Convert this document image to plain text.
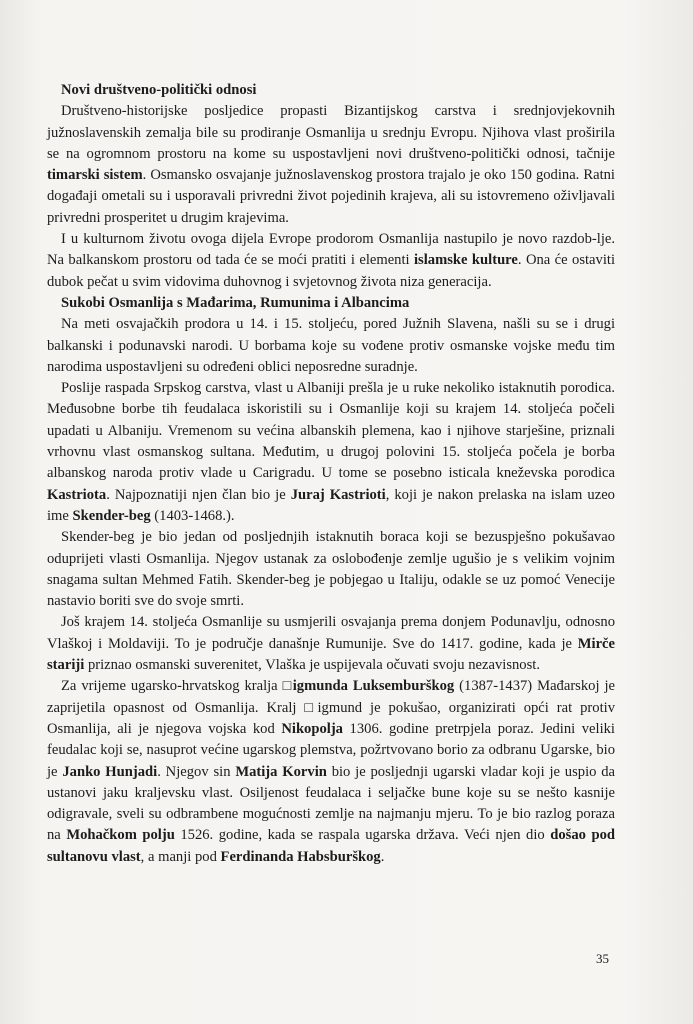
Novi društveno-politički odnosi

Društveno-historijske posljedice propasti Bizantijskog carstva i srednjovjekovnih južnoslavenskih zemalja bile su prodiranje Osmanlija u srednju Evropu. Njihova vlast proširila se na ogromnom prostoru na kome su uspostavljeni novi društveno-politički odnosi, tačnije timarski sistem. Osmansko osvajanje južnoslavenskog prostora trajalo je oko 150 godina. Ratni događaji ometali su i usporavali privredni život pojedinih krajeva, ali su istovremeno oživljavali privredni prosperitet u drugim krajevima.

I u kulturnom životu ovoga dijela Evrope prodorom Osmanlija nastupilo je novo razdob-lje. Na balkanskom prostoru od tada će se moći pratiti i elementi islamske kulture. Ona će ostaviti dubok pečat u svim vidovima duhovnog i svjetovnog života niza generacija.

Sukobi Osmanlija s Mađarima, Rumunima i Albancima

Na meti osvajačkih prodora u 14. i 15. stoljeću, pored Južnih Slavena, našli su se i drugi balkanski i podunavski narodi. U borbama koje su vođene protiv osmanske vojske među tim narodima uspostavljeni su određeni oblici neposredne suradnje.

Poslije raspada Srpskog carstva, vlast u Albaniji prešla je u ruke nekoliko istaknutih porodica. Međusobne borbe tih feudalaca iskoristili su i Osmanlije koji su krajem 14. stoljeća počeli upadati u Albaniju. Vremenom su većina albanskih plemena, kao i njihove starješine, priznali vrhovnu vlast osmanskog sultana. Međutim, u drugoj polovini 15. stoljeća počela je borba albanskog naroda protiv vlade u Carigradu. U tome se posebno isticala kneževska porodica Kastriota. Najpoznatiji njen član bio je Juraj Kastrioti, koji je nakon prelaska na islam uzeo ime Skender-beg (1403-1468.).

Skender-beg je bio jedan od posljednjih istaknutih boraca koji se bezuspješno pokušavao oduprijeti vlasti Osmanlija. Njegov ustanak za oslobođenje zemlje ugušio je s velikim vojnim snagama sultan Mehmed Fatih. Skender-beg je pobjegao u Italiju, odakle se uz pomoć Venecije nastavio boriti sve do svoje smrti.

Još krajem 14. stoljeća Osmanlije su usmjerili osvajanja prema donjem Podunavlju, odnosno Vlaškoj i Moldaviji. To je područje današnje Rumunije. Sve do 1417. godine, kada je Mirče stariji priznao osmanski suverenitet, Vlaška je uspijevala očuvati svoju nezavisnost.

Za vrijeme ugarsko-hrvatskog kralja □igmunda Luksemburškog (1387-1437) Mađarskoj je zaprijetila opasnost od Osmanlija. Kralj □igmund je pokušao, organizirati opći rat protiv Osmanlija, ali je njegova vojska kod Nikopolja 1306. godine pretrpjela poraz. Jedini veliki feudalac koji se, nasuprot većine ugarskog plemstva, požrtvovano borio za odbranu Ugarske, bio je Janko Hunjadi. Njegov sin Matija Korvin bio je posljednji ugarski vladar koji je uspio da ustanovi jaku kraljevsku vlast. Osiljenost feudalaca i seljačke bune koje su se nešto kasnije odigravale, sveli su odbrambene mogućnosti zemlje na najmanju mjeru. To je bio razlog poraza na Mohačkom polju 1526. godine, kada se raspala ugarska država. Veći njen dio došao pod sultanovu vlast, a manji pod Ferdinanda Habsburškog.

35
